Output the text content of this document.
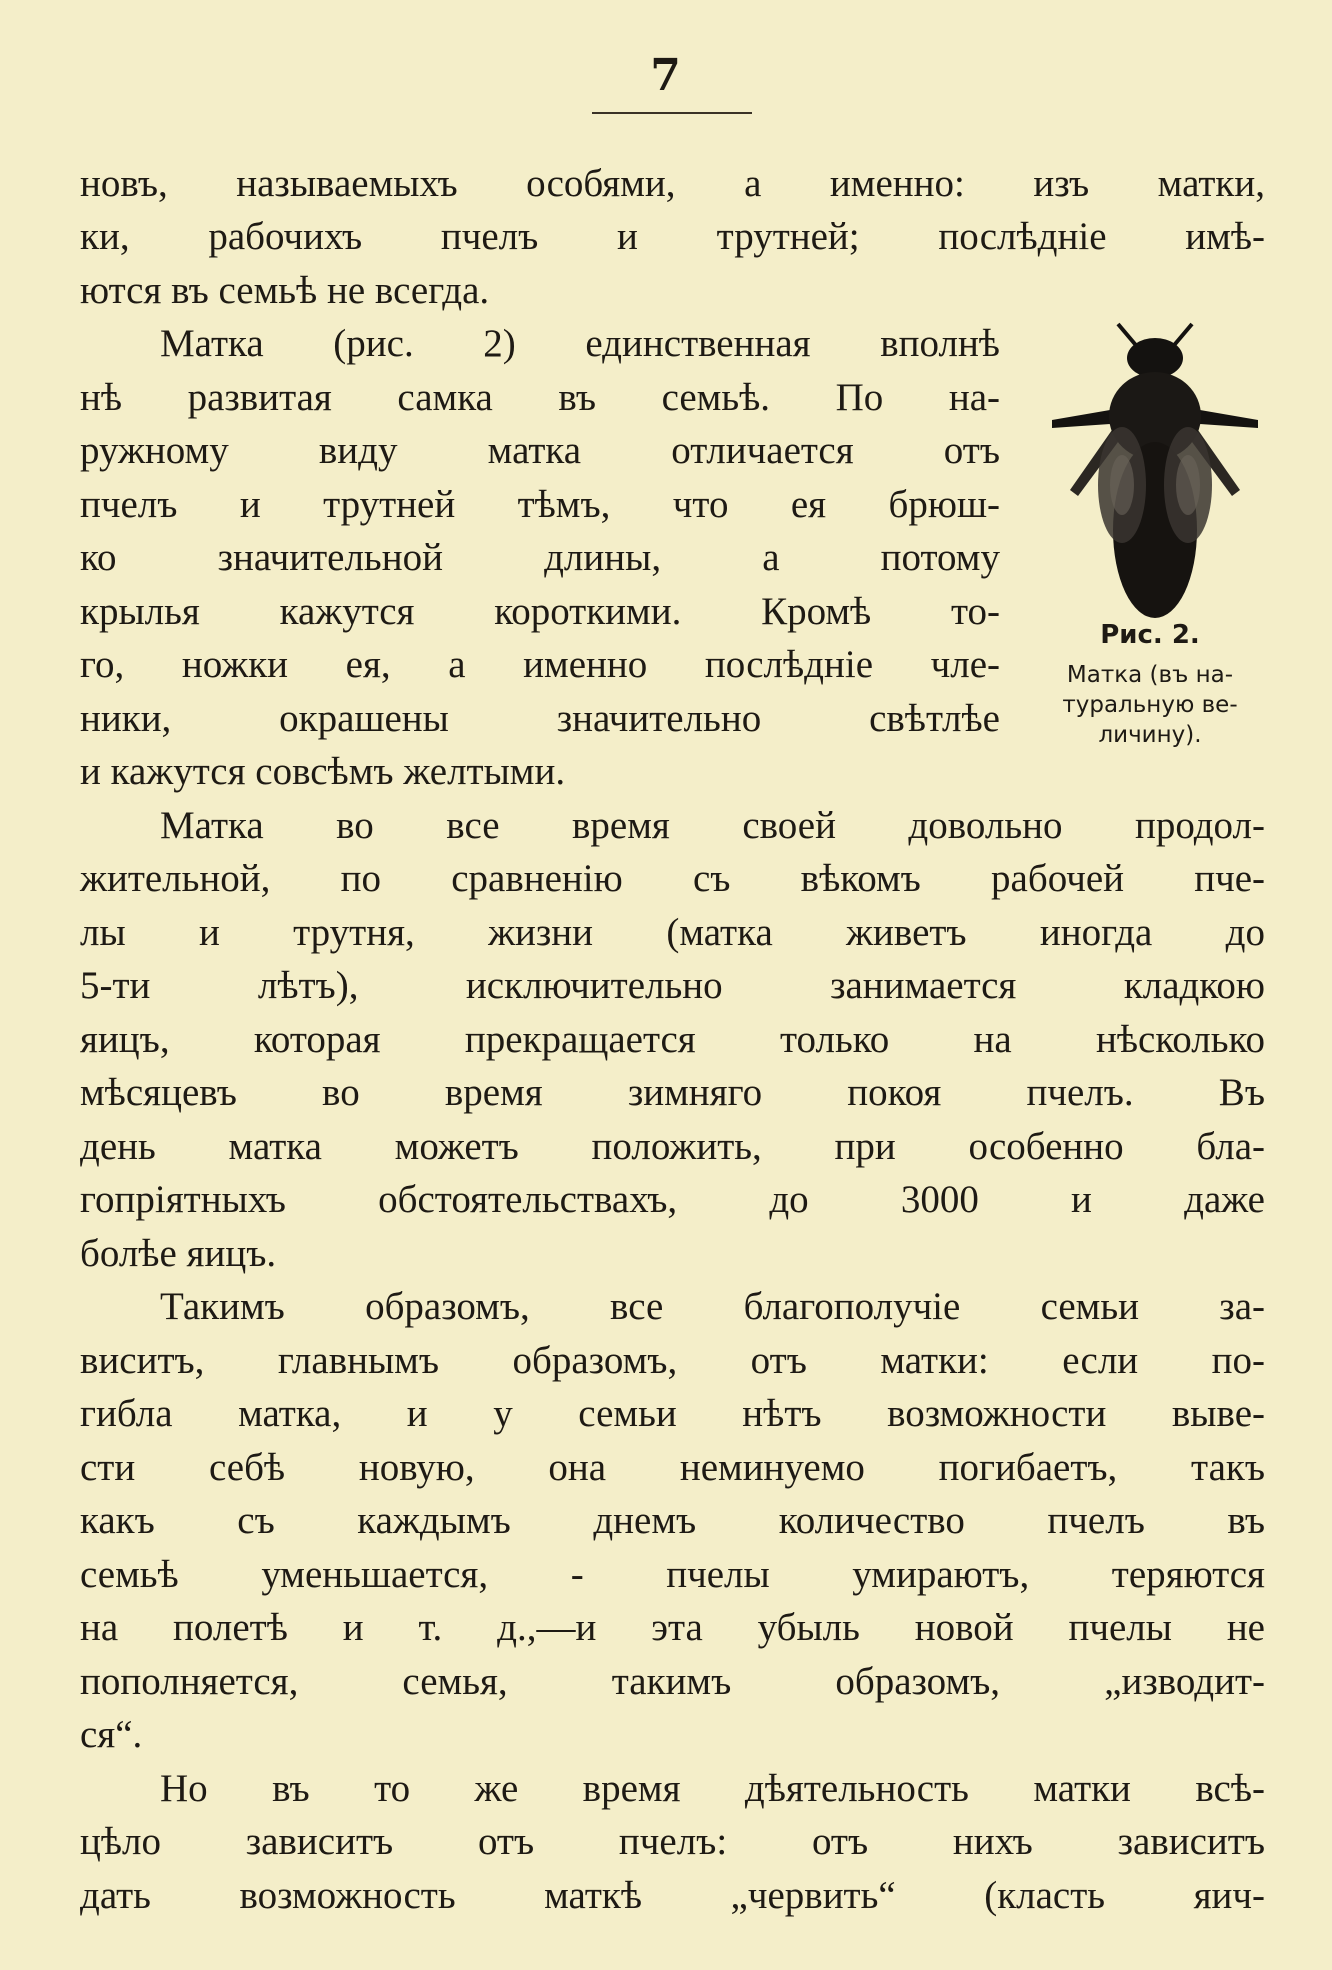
7
новъ, называемыхъ особями, а именно: изъ матки,
ки, рабочихъ пчелъ и трутней; послѣдніе имѣ-
ются въ семьѣ не всегда.
Матка (рис. 2) единственная вполнѣ
нѣ развитая самка въ семьѣ. По на-
ружному виду матка отличается отъ
пчелъ и трутней тѣмъ, что ея брюш-
ко значительной длины, а потому
крылья кажутся короткими. Кромѣ то-
го, ножки ея, а именно послѣдніе чле-
ники, окрашены значительно свѣтлѣе
и кажутся совсѣмъ желтыми.
Матка во все время своей довольно продол-
жительной, по сравненію съ вѣкомъ рабочей пче-
лы и трутня, жизни (матка живетъ иногда до
5-ти лѣтъ), исключительно занимается кладкою
яицъ, которая прекращается только на нѣсколько
мѣсяцевъ во время зимняго покоя пчелъ. Въ
день матка можетъ положить, при особенно бла-
гопріятныхъ обстоятельствахъ, до 3000 и даже
болѣе яицъ.
Такимъ образомъ, все благополучіе семьи за-
виситъ, главнымъ образомъ, отъ матки: если по-
гибла матка, и у семьи нѣтъ возможности выве-
сти себѣ новую, она неминуемо погибаетъ, такъ
какъ съ каждымъ днемъ количество пчелъ въ
семьѣ уменьшается, - пчелы умираютъ, теряются
на полетѣ и т. д.,—и эта убыль новой пчелы не
пополняется, семья, такимъ образомъ, „изводит-
ся“.
Но въ то же время дѣятельность матки всѣ-
цѣло зависитъ отъ пчелъ: отъ нихъ зависитъ
дать возможность маткѣ „червить“ (класть яич-
Рис. 2.
Матка (въ на-
туральную ве-
личину).
